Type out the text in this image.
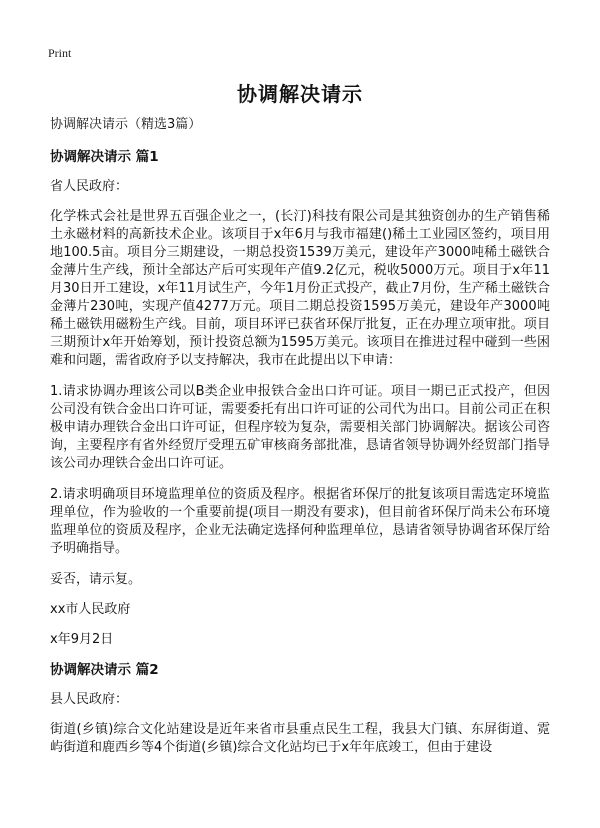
Print
协调解决请示

协调解决请示（精选3篇）

协调解决请示 篇1

省人民政府：

化学株式会社是世界五百强企业之一，(长汀)科技有限公司是其独资创办的生产销售稀土永磁材料的高新技术企业。该项目于x年6月与我市福建()稀土工业园区签约，项目用地100.5亩。项目分三期建设，一期总投资1539万美元，建设年产3000吨稀土磁铁合金薄片生产线，预计全部达产后可实现年产值9.2亿元，税收5000万元。项目于x年11月30日开工建设，x年11月试生产，今年1月份正式投产，截止7月份，生产稀土磁铁合金薄片230吨，实现产值4277万元。项目二期总投资1595万美元，建设年产3000吨稀土磁铁用磁粉生产线。目前，项目环评已获省环保厅批复，正在办理立项审批。项目三期预计x年开始筹划，预计投资总额为1595万美元。该项目在推进过程中碰到一些困难和问题，需省政府予以支持解决，我市在此提出以下申请：

1.请求协调办理该公司以B类企业申报铁合金出口许可证。项目一期已正式投产，但因公司没有铁合金出口许可证，需要委托有出口许可证的公司代为出口。目前公司正在积极申请办理铁合金出口许可证，但程序较为复杂，需要相关部门协调解决。据该公司咨询，主要程序有省外经贸厅受理五矿审核商务部批准，恳请省领导协调外经贸部门指导该公司办理铁合金出口许可证。

2.请求明确项目环境监理单位的资质及程序。根据省环保厅的批复该项目需选定环境监理单位，作为验收的一个重要前提(项目一期没有要求)，但目前省环保厅尚未公布环境监理单位的资质及程序，企业无法确定选择何种监理单位，恳请省领导协调省环保厅给予明确指导。

妥否，请示复。

xx市人民政府

x年9月2日

协调解决请示 篇2

县人民政府：

街道(乡镇)综合文化站建设是近年来省市县重点民生工程，我县大门镇、东屏街道、霓屿街道和鹿西乡等4个街道(乡镇)综合文化站均已于x年年底竣工，但由于建设
